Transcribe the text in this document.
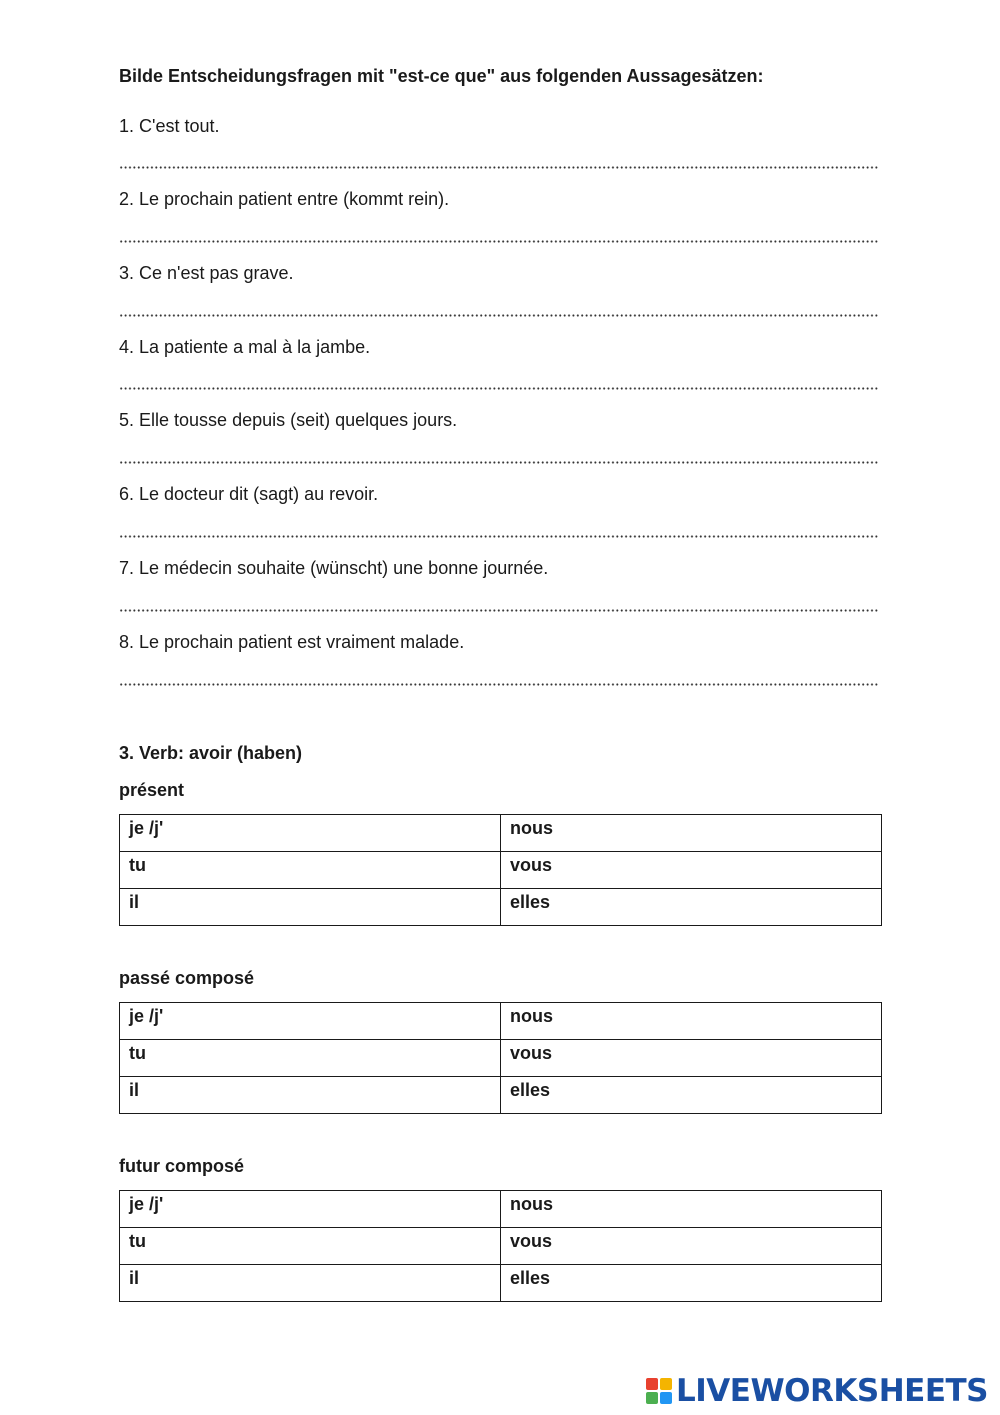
Bilde Entscheidungsfragen mit "est-ce que" aus folgenden Aussagesätzen:
1. C'est tout.
2. Le prochain patient entre (kommt rein).
3. Ce n'est pas grave.
4. La patiente a mal à la jambe.
5. Elle tousse depuis (seit) quelques jours.
6. Le docteur dit (sagt) au revoir.
7. Le médecin souhaite (wünscht) une bonne journée.
8. Le prochain patient est vraiment malade.
3. Verb: avoir (haben)
présent
je /j'	nous
tu	vous
il	elles
passé composé
je /j'	nous
tu	vous
il	elles
futur composé
je /j'	nous
tu	vous
il	elles
LIVEWORKSHEETS
